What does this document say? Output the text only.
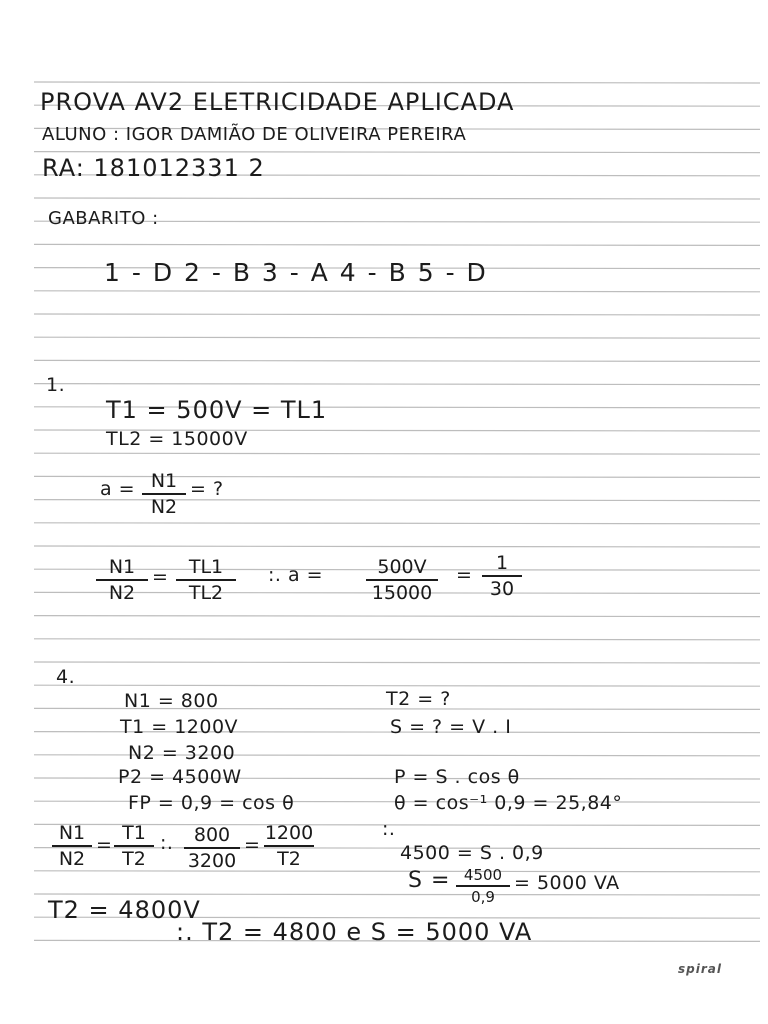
PROVA AV2 ELETRICIDADE APLICADA
ALUNO : IGOR DAMIÃO DE OLIVEIRA PEREIRA
RA: 181012331 2
GABARITO :
1 - D 2 - B 3 - A 4 - B 5 - D
1.
T1 = 500V = TL1
TL2 = 15000V
a = N1
N2
= ?
N1
N2
=	TL1
TL2
:. a =	500V
15000
=
1
30
4.
N1 = 800
T1 = 1200V
N2 = 3200
P2 = 4500W
FP = 0,9 = cos θ
T2 = ?
S = ? = V . I
P = S . cos θ
θ = cos⁻¹ 0,9 = 25,84°
:.
N1
N2
=
T1
T2
:.	800
3200
=
1200
T2	4500 = S . 0,9
S = 4500
0,9
= 5000 VA
T2 = 4800V
:. T2 = 4800 e S = 5000 VA
spiral
